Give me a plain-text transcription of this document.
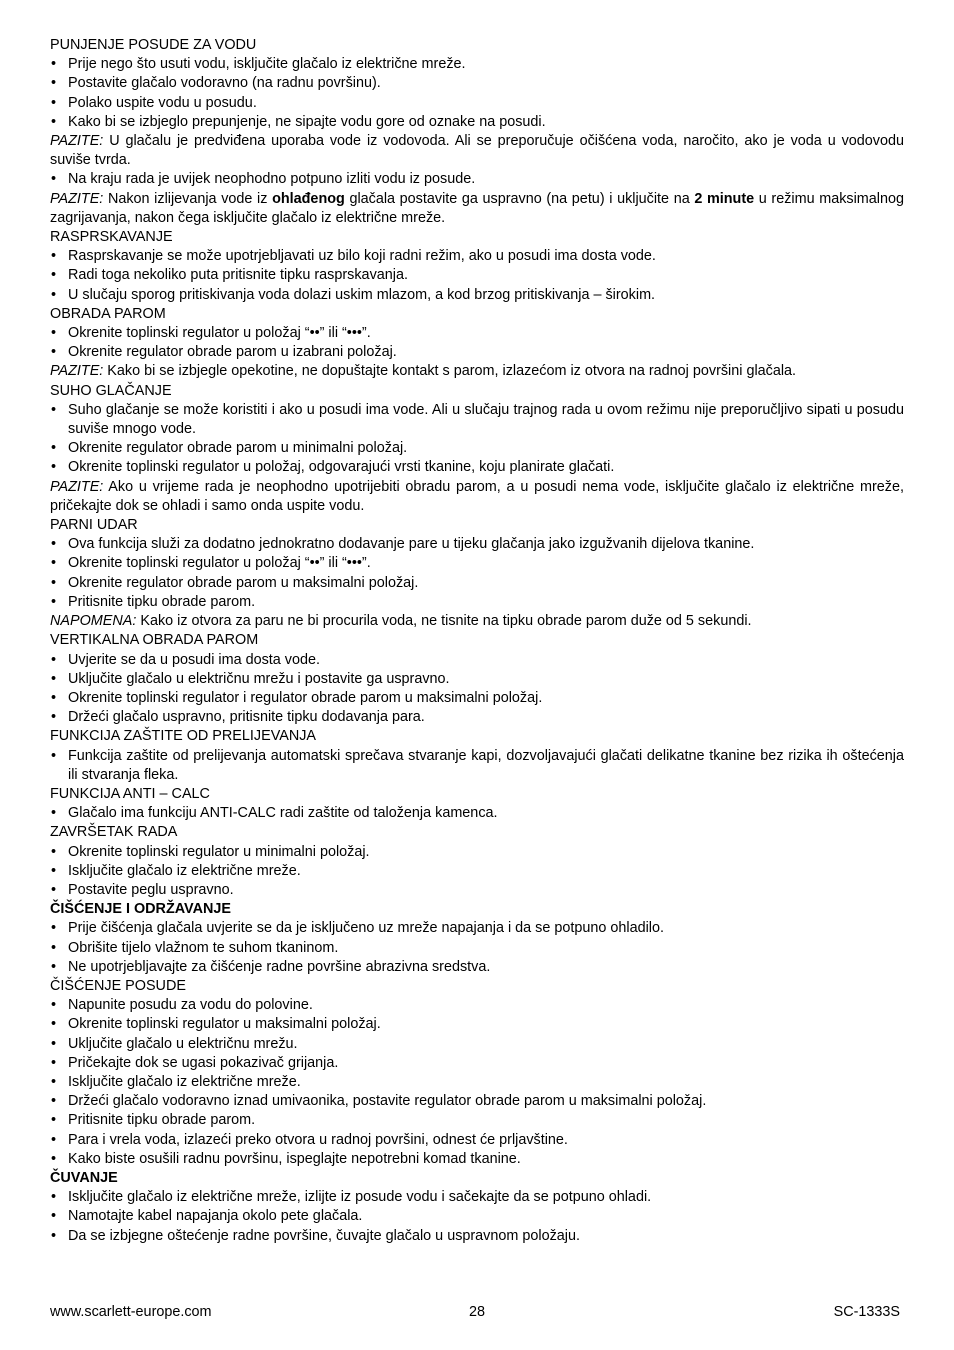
PUNJENJE POSUDE ZA VODU

• Prije nego što usuti vodu, isključite glačalo iz električne mreže.

• Postavite glačalo vodoravno (na radnu površinu).

• Polako uspite vodu u posudu.

• Kako bi se izbjeglo prepunjenje, ne sipajte vodu gore od oznake na posudi.

PAZITE: U glačalu je predviđena uporaba vode iz vodovoda. Ali se preporučuje očišćena voda, naročito, ako je voda u vodovodu suviše tvrda.

• Na kraju rada je uvijek neophodno potpuno izliti vodu iz posude.

PAZITE: Nakon izlijevanja vode iz ohlađenog glačala postavite ga uspravno (na petu) i uključite na 2 minute u režimu maksimalnog zagrijavanja, nakon čega isključite glačalo iz električne mreže.

RASPRSKAVANJE

• Rasprskavanje se može upotrjebljavati uz bilo koji radni režim, ako u posudi ima dosta vode.

• Radi toga nekoliko puta pritisnite tipku rasprskavanja.

• U slučaju sporog pritiskivanja voda dolazi uskim mlazom, a kod brzog pritiskivanja – širokim.

OBRADA PAROM

• Okrenite toplinski regulator u položaj “••” ili “•••”.

• Okrenite regulator obrade parom u izabrani položaj.

PAZITE: Kako bi se izbjegle opekotine, ne dopuštajte kontakt s parom, izlazećom iz otvora na radnoj površini glačala.

SUHO GLAČANJE

• Suho glačanje se može koristiti i ako u posudi ima vode. Ali u slučaju trajnog rada u ovom režimu nije preporučljivo sipati u posudu suviše mnogo vode.

• Okrenite regulator obrade parom u minimalni položaj.

• Okrenite toplinski regulator u položaj, odgovarajući vrsti tkanine, koju planirate glačati.

PAZITE: Ako u vrijeme rada je neophodno upotrijebiti obradu parom, a u posudi nema vode, isključite glačalo iz električne mreže, pričekajte dok se ohladi i samo onda uspite vodu.

PARNI UDAR

• Ova funkcija služi za dodatno jednokratno dodavanje pare u tijeku glačanja jako izgužvanih dijelova tkanine.

• Okrenite toplinski regulator u položaj “••” ili “•••”.

• Okrenite regulator obrade parom u maksimalni položaj.

• Pritisnite tipku obrade parom.

NAPOMENA: Kako iz otvora za paru ne bi procurila voda, ne tisnite na tipku obrade parom duže od 5 sekundi.

VERTIKALNA OBRADA PAROM

• Uvjerite se da u posudi ima dosta vode.

• Uključite glačalo u električnu mrežu i postavite ga uspravno.

• Okrenite toplinski regulator i regulator obrade parom u maksimalni položaj.

• Držeći glačalo uspravno, pritisnite tipku dodavanja para.

FUNKCIJA ZAŠTITE OD PRELIJEVANJA

• Funkcija zaštite od prelijevanja automatski sprečava stvaranje kapi, dozvoljavajući glačati delikatne tkanine bez rizika ih oštećenja ili stvaranja fleka.

FUNKCIJA ANTI – CALC

• Glačalo ima funkciju ANTI-CALC radi zaštite od taloženja kamenca.

ZAVRŠETAK RADA

• Okrenite toplinski regulator u minimalni položaj.

• Isključite glačalo iz električne mreže.

• Postavite peglu uspravno.

ČIŠĆENJE I ODRŽAVANJE

• Prije čišćenja glačala uvjerite se da je isključeno uz mreže napajanja i da se potpuno ohladilo.

• Obrišite tijelo vlažnom te suhom tkaninom.

• Ne upotrjebljavajte za čišćenje radne površine abrazivna sredstva.

ČIŠĆENJE POSUDE

• Napunite posudu za vodu do polovine.

• Okrenite toplinski regulator u maksimalni položaj.

• Uključite glačalo u električnu mrežu.

• Pričekajte dok se ugasi pokazivač grijanja.

• Isključite glačalo iz električne mreže.

• Držeći glačalo vodoravno iznad umivaonika, postavite regulator obrade parom u maksimalni položaj.

• Pritisnite tipku obrade parom.

• Para i vrela voda, izlazeći preko otvora u radnoj površini, odnest će prljavštine.

• Kako biste osušili radnu površinu, ispeglajte nepotrebni komad tkanine.

ČUVANJE

• Isključite glačalo iz električne mreže, izlijte iz posude vodu i sačekajte da se potpuno ohladi.

• Namotajte kabel napajanja okolo pete glačala.

• Da se izbjegne oštećenje radne površine, čuvajte glačalo u uspravnom položaju.

www.scarlett-europe.com	28	SC-1333S
